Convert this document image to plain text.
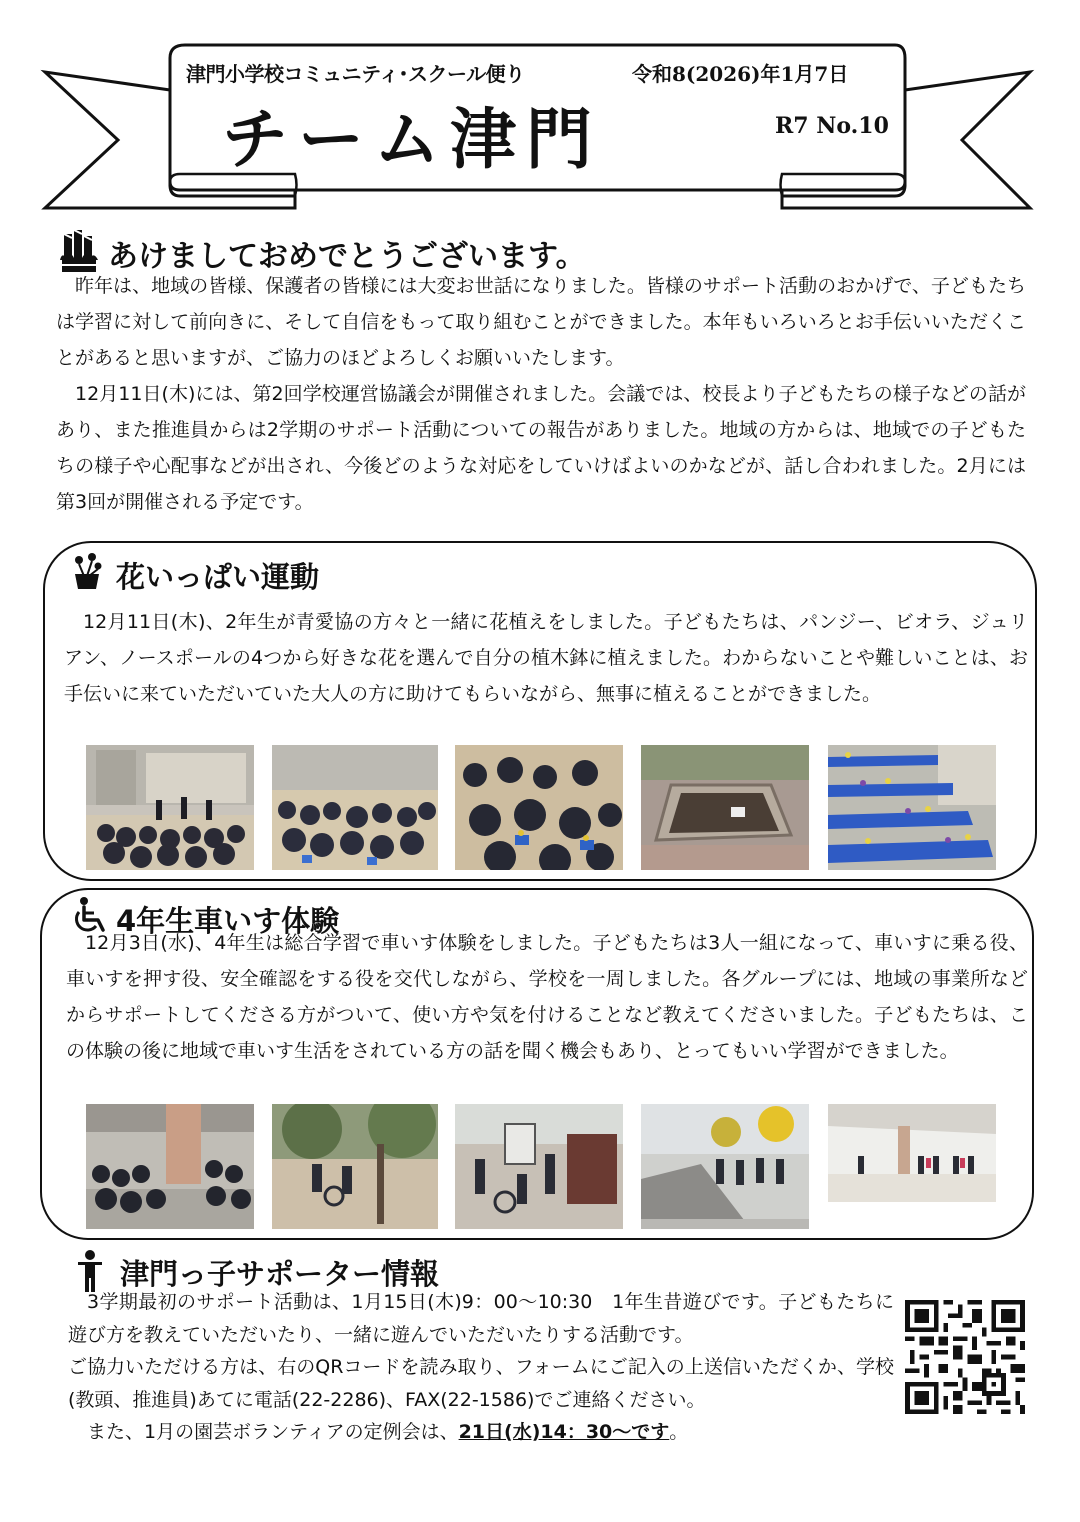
津門小学校コミュニティ･スクール便り	令和8(2026)年1月7日
チーム津門	R7 No.10
あけましておめでとうございます。

昨年は、地域の皆様、保護者の皆様には大変お世話になりました。皆様のサポート活動のおかげで、子どもたちは学習に対して前向きに、そして自信をもって取り組むことができました。本年もいろいろとお手伝いいただくことがあると思いますが、ご協力のほどよろしくお願いいたします。

12月11日(木)には、第2回学校運営協議会が開催されました。会議では、校長より子どもたちの様子などの話があり、また推進員からは2学期のサポート活動についての報告がありました。地域の方からは、地域での子どもたちの様子や心配事などが出され、今後どのような対応をしていけばよいのかなどが、話し合われました。2月には第3回が開催される予定です。

花いっぱい運動

12月11日(木)、2年生が青愛協の方々と一緒に花植えをしました。子どもたちは、パンジー、ビオラ、ジュリアン、ノースポールの4つから好きな花を選んで自分の植木鉢に植えました。わからないことや難しいことは、お手伝いに来ていただいていた大人の方に助けてもらいながら、無事に植えることができました。

4年生車いす体験

12月3日(水)、4年生は総合学習で車いす体験をしました。子どもたちは3人一組になって、車いすに乗る役、車いすを押す役、安全確認をする役を交代しながら、学校を一周しました。各グループには、地域の事業所などからサポートしてくださる方がついて、使い方や気を付けることなど教えてくださいました。子どもたちは、この体験の後に地域で車いす生活をされている方の話を聞く機会もあり、とってもいい学習ができました。

津門っ子サポーター情報

3学期最初のサポート活動は、1月15日(木)9：00～10:30　1年生昔遊びです。子どもたちに遊び方を教えていただいたり、一緒に遊んでいただいたりする活動です。

ご協力いただける方は、右のQRコードを読み取り、フォームにご記入の上送信いただくか、学校(教頭、推進員)あてに電話(22-2286)、FAX(22-1586)でご連絡ください。

また、1月の園芸ボランティアの定例会は、21日(水)14：30～です。
